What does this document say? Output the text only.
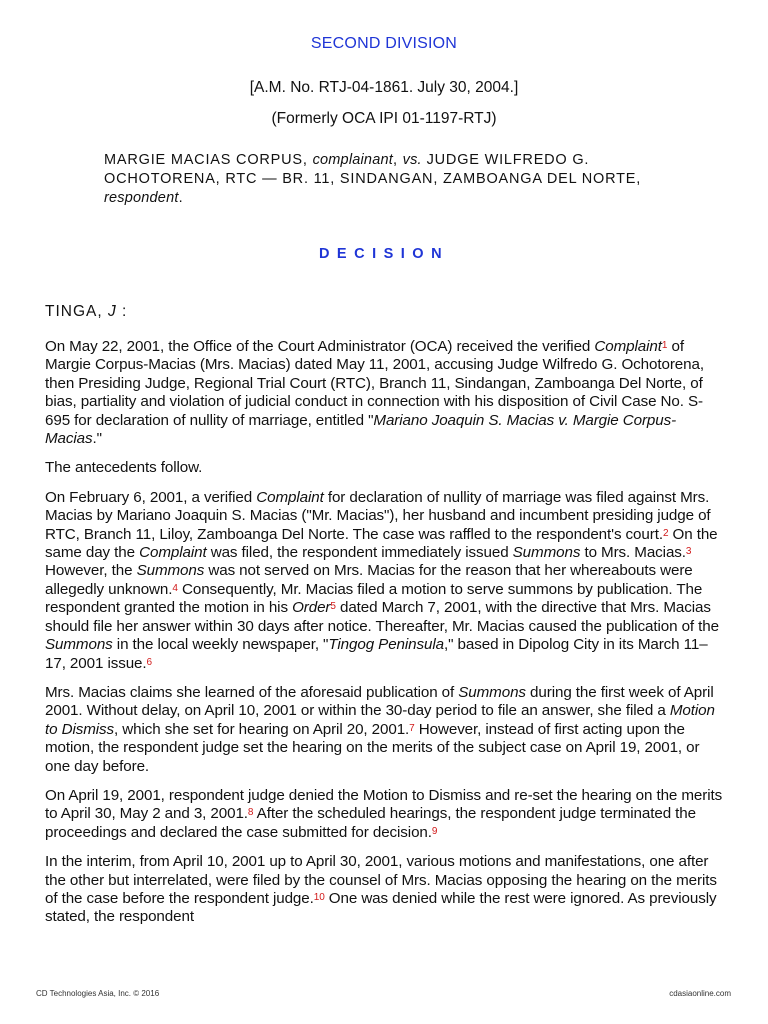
SECOND DIVISION
[A.M. No. RTJ-04-1861. July 30, 2004.]
(Formerly OCA IPI 01-1197-RTJ)
MARGIE MACIAS CORPUS, complainant, vs. JUDGE WILFREDO G. OCHOTORENA, RTC — BR. 11, SINDANGAN, ZAMBOANGA DEL NORTE, respondent.
DECISION
TINGA, J :

On May 22, 2001, the Office of the Court Administrator (OCA) received the verified Complaint$^1$ of Margie Corpus-Macias (Mrs. Macias) dated May 11, 2001, accusing Judge Wilfredo G. Ochotorena, then Presiding Judge, Regional Trial Court (RTC), Branch 11, Sindangan, Zamboanga Del Norte, of bias, partiality and violation of judicial conduct in connection with his disposition of Civil Case No. S-695 for declaration of nullity of marriage, entitled "Mariano Joaquin S. Macias v. Margie Corpus-Macias."

The antecedents follow.

On February 6, 2001, a verified Complaint for declaration of nullity of marriage was filed against Mrs. Macias by Mariano Joaquin S. Macias ("Mr. Macias"), her husband and incumbent presiding judge of RTC, Branch 11, Liloy, Zamboanga Del Norte. The case was raffled to the respondent's court.$^2$ On the same day the Complaint was filed, the respondent immediately issued Summons to Mrs. Macias.$^3$ However, the Summons was not served on Mrs. Macias for the reason that her whereabouts were allegedly unknown.$^4$ Consequently, Mr. Macias filed a motion to serve summons by publication. The respondent granted the motion in his Order$^5$ dated March 7, 2001, with the directive that Mrs. Macias should file her answer within 30 days after notice. Thereafter, Mr. Macias caused the publication of the Summons in the local weekly newspaper, "Tingog Peninsula," based in Dipolog City in its March 11–17, 2001 issue.$^6$

Mrs. Macias claims she learned of the aforesaid publication of Summons during the first week of April 2001. Without delay, on April 10, 2001 or within the 30-day period to file an answer, she filed a Motion to Dismiss, which she set for hearing on April 20, 2001.$^7$ However, instead of first acting upon the motion, the respondent judge set the hearing on the merits of the subject case on April 19, 2001, or one day before.

On April 19, 2001, respondent judge denied the Motion to Dismiss and re-set the hearing on the merits to April 30, May 2 and 3, 2001.$^8$ After the scheduled hearings, the respondent judge terminated the proceedings and declared the case submitted for decision.$^9$

In the interim, from April 10, 2001 up to April 30, 2001, various motions and manifestations, one after the other but interrelated, were filed by the counsel of Mrs. Macias opposing the hearing on the merits of the case before the respondent judge.$^{10}$ One was denied while the rest were ignored. As previously stated, the respondent

CD Technologies Asia, Inc. © 2016	cdasiaonline.com
